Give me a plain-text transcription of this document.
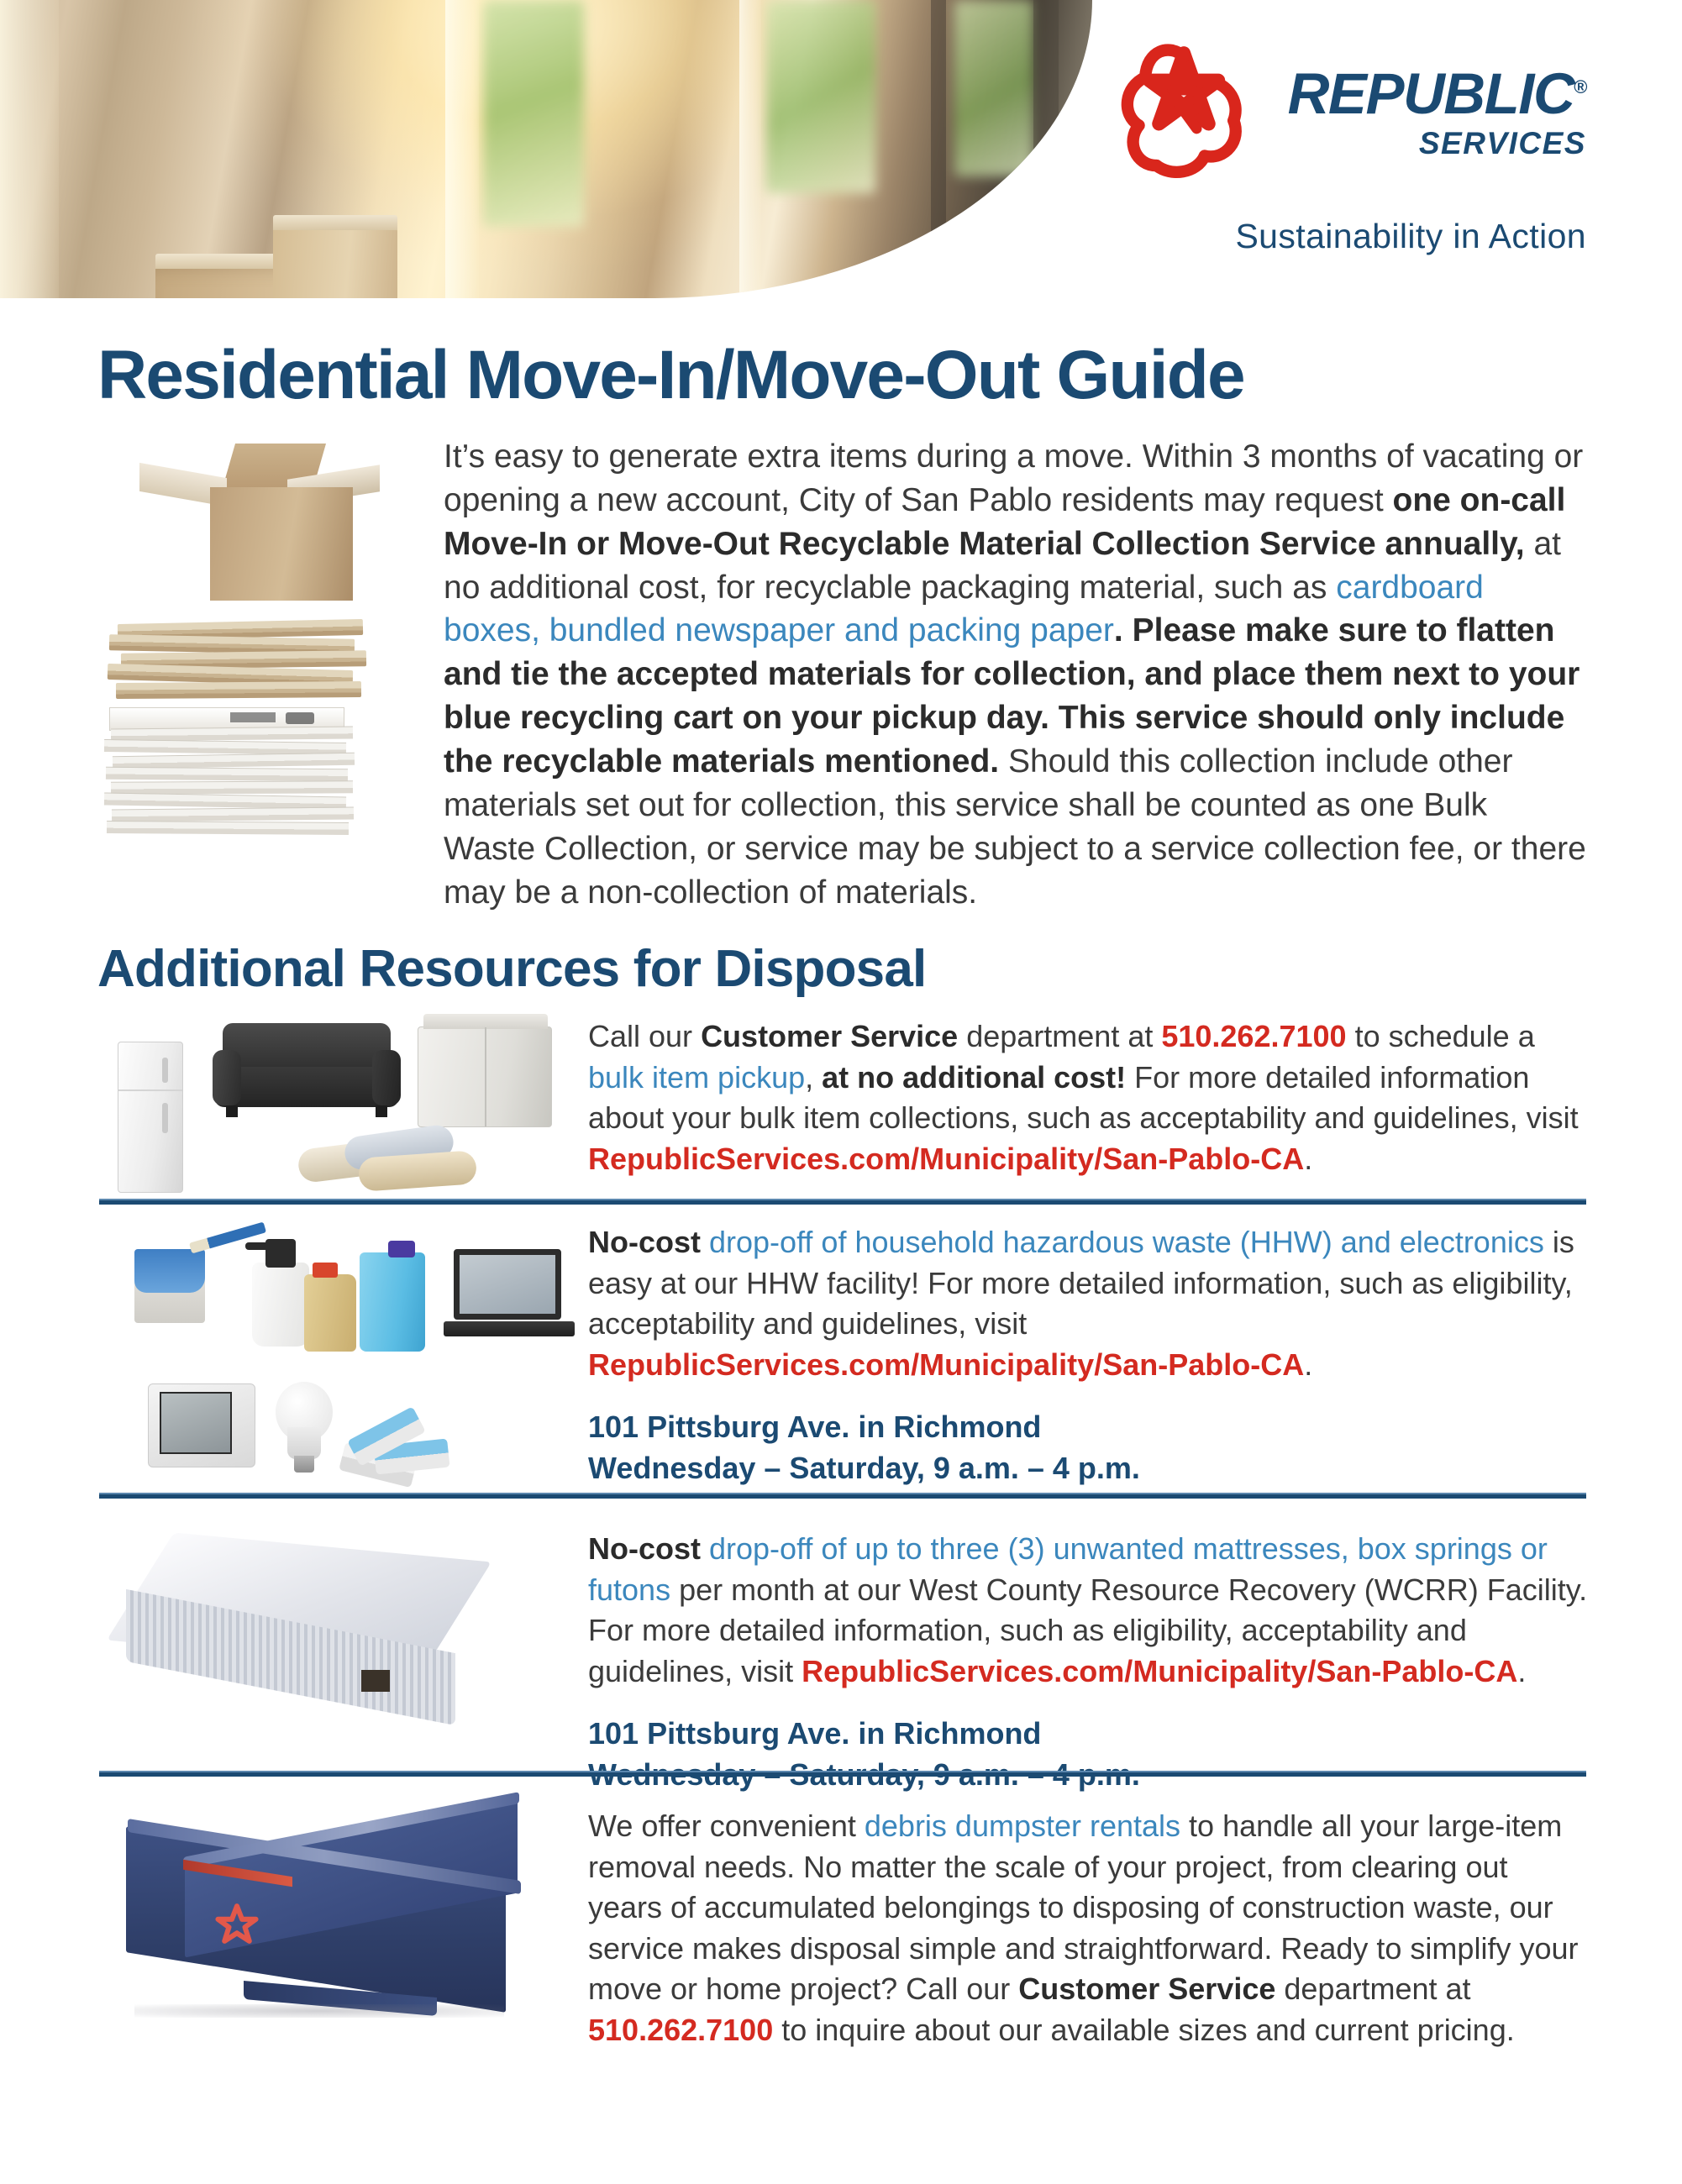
REPUBLIC®
SERVICES
Sustainability in Action
Residential Move-In/Move-Out Guide

It’s easy to generate extra items during a move. Within 3 months of vacating or opening a new account, City of San Pablo residents may request one on-call Move-In or Move-Out Recyclable Material Collection Service annually, at no additional cost, for recyclable packaging material, such as cardboard boxes, bundled newspaper and packing paper. Please make sure to flatten and tie the accepted materials for collection, and place them next to your blue recycling cart on your pickup day. This service should only include the recyclable materials mentioned. Should this collection include other materials set out for collection, this service shall be counted as one Bulk Waste Collection, or service may be subject to a service collection fee, or there may be a non-collection of materials.

Additional Resources for Disposal

Call our Customer Service department at 510.262.7100 to schedule a bulk item pickup, at no additional cost! For more detailed information about your bulk item collections, such as acceptability and guidelines, visit RepublicServices.com/Municipality/San-Pablo-CA.

No-cost drop-off of household hazardous waste (HHW) and electronics is easy at our HHW facility! For more detailed information, such as eligibility, acceptability and guidelines, visit RepublicServices.com/Municipality/San-Pablo-CA.

101 Pittsburg Ave. in Richmond

Wednesday – Saturday, 9 a.m. – 4 p.m.

No-cost drop-off of up to three (3) unwanted mattresses, box springs or futons per month at our West County Resource Recovery (WCRR) Facility. For more detailed information, such as eligibility, acceptability and guidelines, visit RepublicServices.com/Municipality/San-Pablo-CA.

101 Pittsburg Ave. in Richmond

We offer convenient debris dumpster rentals to handle all your large-item removal needs. No matter the scale of your project, from clearing out years of accumulated belongings to disposing of construction waste, our service makes disposal simple and straightforward. Ready to simplify your move or home project? Call our Customer Service department at 510.262.7100 to inquire about our available sizes and current pricing.
